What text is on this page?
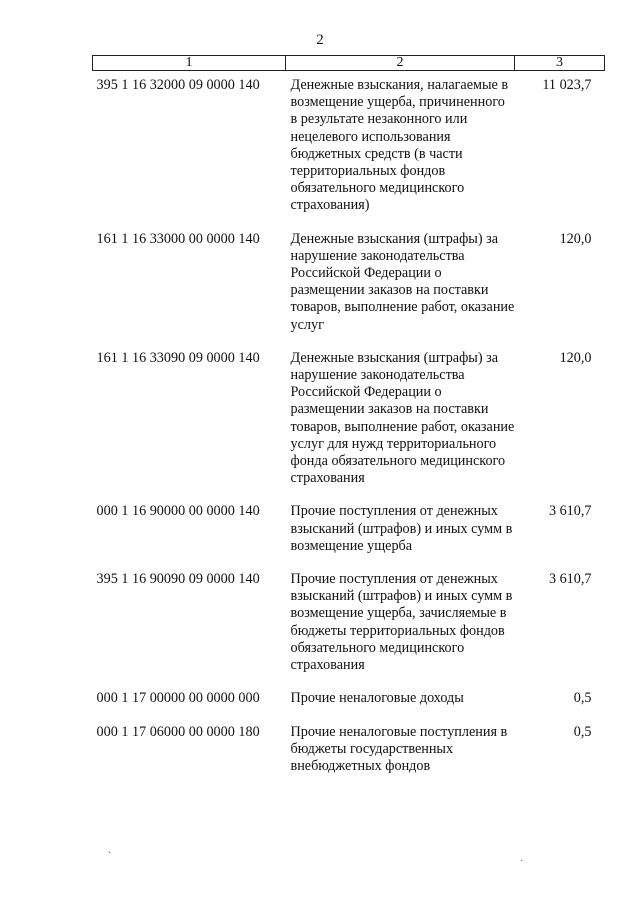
2
1	2	3
395 1 16 32000 09 0000 140	Денежные взыскания, налагаемые в возмещение ущерба, причиненного в результате незаконного или нецелевого использования бюджетных средств (в части территориальных фондов обязательного медицинского страхования)	11 023,7
161 1 16 33000 00 0000 140	Денежные взыскания (штрафы) за нарушение законодательства Российской Федерации о размещении заказов на поставки товаров, выполнение работ, оказание услуг	120,0
161 1 16 33090 09 0000 140	Денежные взыскания (штрафы) за нарушение законодательства Российской Федерации о размещении заказов на поставки товаров, выполнение работ, оказание услуг для нужд территориального фонда обязательного медицинского страхования	120,0
000 1 16 90000 00 0000 140	Прочие поступления от денежных взысканий (штрафов) и иных сумм в возмещение ущерба	3 610,7
395 1 16 90090 09 0000 140	Прочие поступления от денежных взысканий (штрафов) и иных сумм в возмещение ущерба, зачисляемые в бюджеты территориальных фондов обязательного медицинского страхования	3 610,7
000 1 17 00000 00 0000 000	Прочие неналоговые доходы	0,5
000 1 17 06000 00 0000 180	Прочие неналоговые поступления в бюджеты государственных внебюджетных фондов	0,5
·
·
